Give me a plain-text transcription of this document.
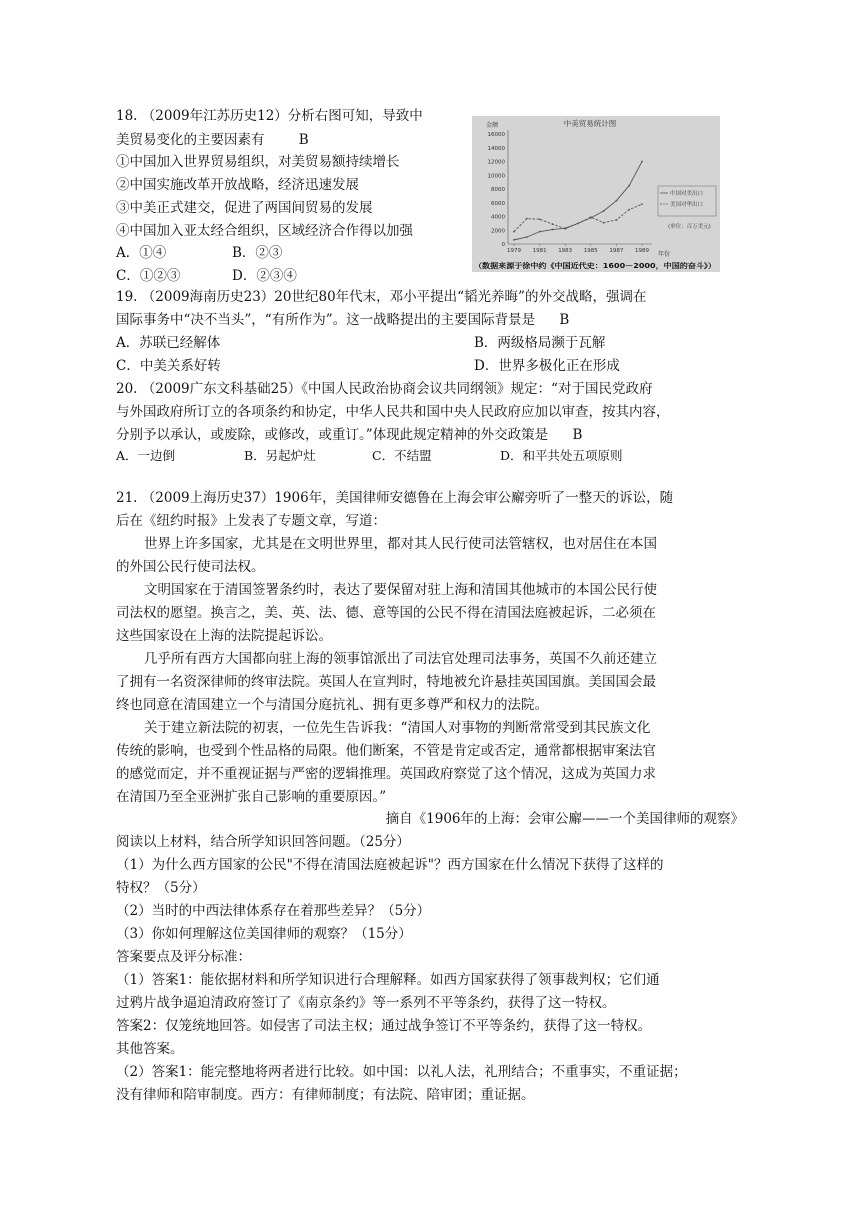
18. （2009年江苏历史12）分析右图可知，导致中
美贸易变化的主要因素有	B
①中国加入世界贸易组织，对美贸易额持续增长
②中国实施改革开放战略，经济迅速发展
③中美正式建交，促进了两国间贸易的发展
④中国加入亚太经合组织，区域经济合作得以加强
A．①④	B．②③
C．①②③	D．②③④
中美贸易统计图
金额
年份
16000
14000
12000
10000
8000
6000
4000
2000
0
1979 1981 1983 1985 1987 1989
中国对美出口
美国对华出口
(单位：百万美元)
（数据来源于徐中约《中国近代史：1600－2000，中国的奋斗》）
19. （2009海南历史23）20世纪80年代末，邓小平提出“韬光养晦”的外交战略，强调在
国际事务中“决不当头”，“有所作为”。这一战略提出的主要国际背景是 B
A．苏联已经解体	B．两级格局濒于瓦解
C．中美关系好转	D．世界多极化正在形成
20. （2009广东文科基础25）《中国人民政治协商会议共同纲领》规定：“对于国民党政府
与外国政府所订立的各项条约和协定，中华人民共和国中央人民政府应加以审查，按其内容，
分别予以承认，或废除，或修改，或重订。”体现此规定精神的外交政策是 B
A．一边倒	B．另起炉灶	C．不结盟	D．和平共处五项原则
21. （2009上海历史37）1906年，美国律师安德鲁在上海会审公廨旁听了一整天的诉讼，随
后在《纽约时报》上发表了专题文章，写道：
世界上许多国家，尤其是在文明世界里，都对其人民行使司法管辖权，也对居住在本国
的外国公民行使司法权。
文明国家在于清国签署条约时，表达了要保留对驻上海和清国其他城市的本国公民行使
司法权的愿望。换言之，美、英、法、德、意等国的公民不得在清国法庭被起诉，二必须在
这些国家设在上海的法院提起诉讼。
几乎所有西方大国都向驻上海的领事馆派出了司法官处理司法事务，英国不久前还建立
了拥有一名资深律师的终审法院。英国人在宣判时，特地被允许悬挂英国国旗。美国国会最
终也同意在清国建立一个与清国分庭抗礼、拥有更多尊严和权力的法院。
关于建立新法院的初衷，一位先生告诉我：“清国人对事物的判断常常受到其民族文化
传统的影响，也受到个性品格的局限。他们断案，不管是肯定或否定，通常都根据审案法官
的感觉而定，并不重视证据与严密的逻辑推理。英国政府察觉了这个情况，这成为英国力求
在清国乃至全亚洲扩张自己影响的重要原因。”
摘自《1906年的上海：会审公廨——一个美国律师的观察》
阅读以上材料，结合所学知识回答问题。（25分）
（1）为什么西方国家的公民"不得在清国法庭被起诉"？西方国家在什么情况下获得了这样的
特权？（5分）
（2）当时的中西法律体系存在着那些差异？（5分）
（3）你如何理解这位美国律师的观察？（15分）
答案要点及评分标准：
（1）答案1：能依据材料和所学知识进行合理解释。如西方国家获得了领事裁判权；它们通
过鸦片战争逼迫清政府签订了《南京条约》等一系列不平等条约，获得了这一特权。
答案2：仅笼统地回答。如侵害了司法主权；通过战争签订不平等条约，获得了这一特权。
其他答案。
（2）答案1：能完整地将两者进行比较。如中国：以礼人法，礼刑结合；不重事实，不重证据；
没有律师和陪审制度。西方：有律师制度；有法院、陪审团；重证据。
